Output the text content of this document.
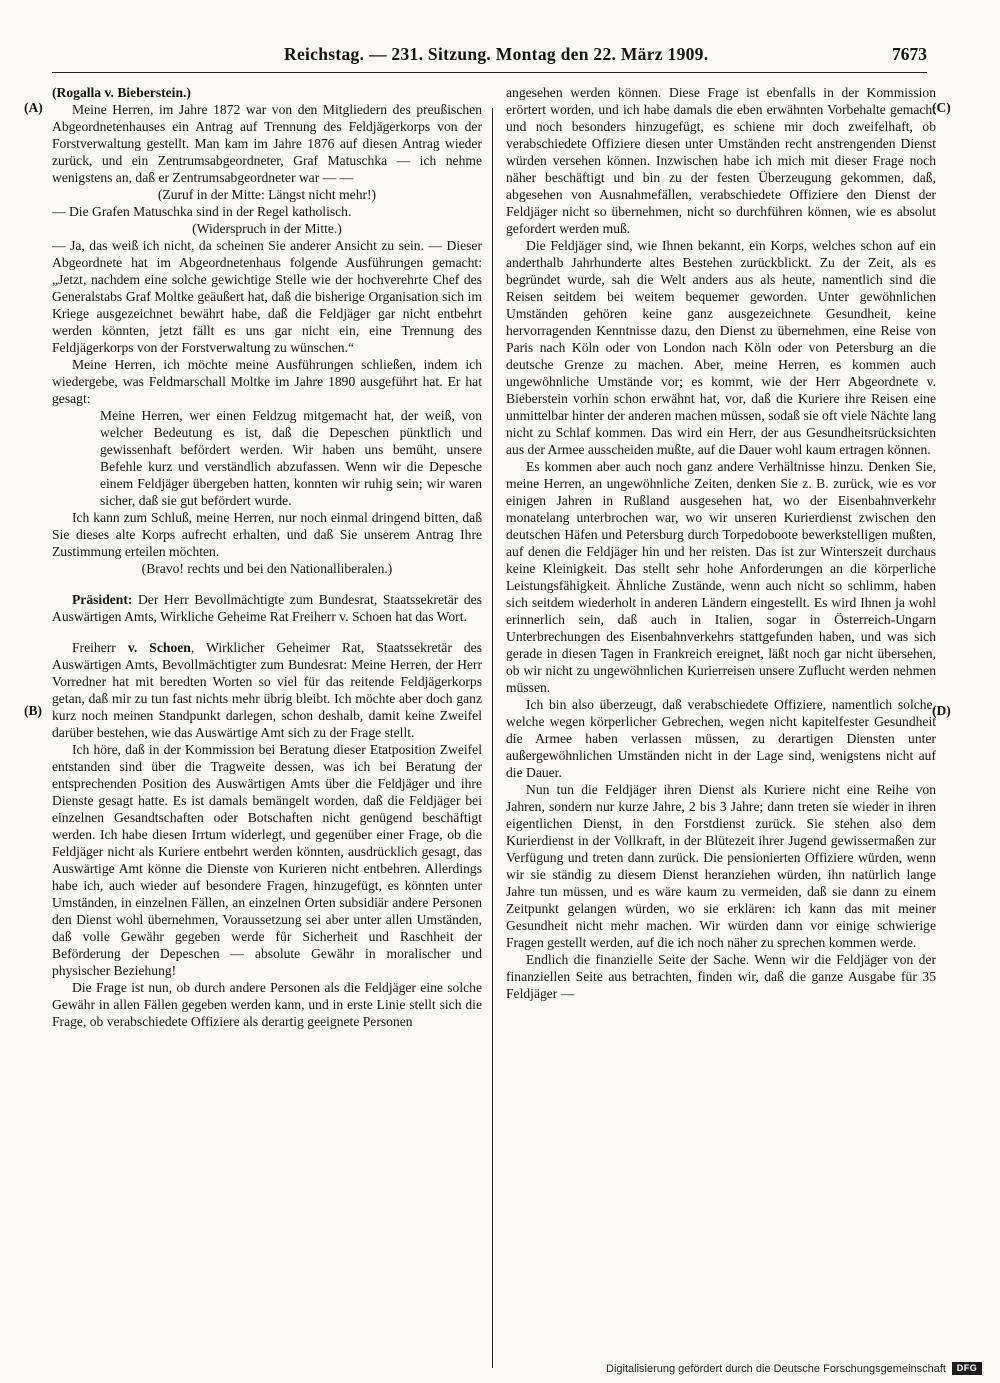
Reichstag. — 231. Sitzung. Montag den 22. März 1909.	7673

(Rogalla v. Bieberstein.)

Meine Herren, im Jahre 1872 war von den Mitgliedern des preußischen Abgeordnetenhauses ein Antrag auf Trennung des Feldjägerkorps von der Forstverwaltung gestellt. Man kam im Jahre 1876 auf diesen Antrag wieder zurück, und ein Zentrumsabgeordneter, Graf Matuschka — ich nehme wenigstens an, daß er Zentrumsabgeordneter war — —

(Zuruf in der Mitte: Längst nicht mehr!)

— Die Grafen Matuschka sind in der Regel katholisch.

(Widerspruch in der Mitte.)

— Ja, das weiß ich nicht, da scheinen Sie anderer Ansicht zu sein. — Dieser Abgeordnete hat im Abgeordnetenhaus folgende Ausführungen gemacht: „Jetzt, nachdem eine solche gewichtige Stelle wie der hochverehrte Chef des Generalstabs Graf Moltke geäußert hat, daß die bisherige Organisation sich im Kriege ausgezeichnet bewährt habe, daß die Feldjäger gar nicht entbehrt werden könnten, jetzt fällt es uns gar nicht ein, eine Trennung des Feldjägerkorps von der Forstverwaltung zu wünschen.“

Meine Herren, ich möchte meine Ausführungen schließen, indem ich wiedergebe, was Feldmarschall Moltke im Jahre 1890 ausgeführt hat. Er hat gesagt:

Meine Herren, wer einen Feldzug mitgemacht hat, der weiß, von welcher Bedeutung es ist, daß die Depeschen pünktlich und gewissenhaft befördert werden. Wir haben uns bemüht, unsere Befehle kurz und verständlich abzufassen. Wenn wir die Depesche einem Feldjäger übergeben hatten, konnten wir ruhig sein; wir waren sicher, daß sie gut befördert wurde.

Ich kann zum Schluß, meine Herren, nur noch einmal dringend bitten, daß Sie dieses alte Korps aufrecht erhalten, und daß Sie unserem Antrag Ihre Zustimmung erteilen möchten.

(Bravo! rechts und bei den Nationalliberalen.)

Präsident: Der Herr Bevollmächtigte zum Bundesrat, Staatssekretär des Auswärtigen Amts, Wirkliche Geheime Rat Freiherr v. Schoen hat das Wort.

Freiherr v. Schoen, Wirklicher Geheimer Rat, Staatssekretär des Auswärtigen Amts, Bevollmächtigter zum Bundesrat: Meine Herren, der Herr Vorredner hat mit beredten Worten so viel für das reitende Feldjägerkorps getan, daß mir zu tun fast nichts mehr übrig bleibt. Ich möchte aber doch ganz kurz noch meinen Standpunkt darlegen, schon deshalb, damit keine Zweifel darüber bestehen, wie das Auswärtige Amt sich zu der Frage stellt.

Ich höre, daß in der Kommission bei Beratung dieser Etatposition Zweifel entstanden sind über die Tragweite dessen, was ich bei Beratung der entsprechenden Position des Auswärtigen Amts über die Feldjäger und ihre Dienste gesagt hatte. Es ist damals bemängelt worden, daß die Feldjäger bei einzelnen Gesandtschaften oder Botschaften nicht genügend beschäftigt werden. Ich habe diesen Irrtum widerlegt, und gegenüber einer Frage, ob die Feldjäger nicht als Kuriere entbehrt werden könnten, ausdrücklich gesagt, das Auswärtige Amt könne die Dienste von Kurieren nicht entbehren. Allerdings habe ich, auch wieder auf besondere Fragen, hinzugefügt, es könnten unter Umständen, in einzelnen Fällen, an einzelnen Orten subsidiär andere Personen den Dienst wohl übernehmen, Voraussetzung sei aber unter allen Umständen, daß volle Gewähr gegeben werde für Sicherheit und Raschheit der Beförderung der Depeschen — absolute Gewähr in moralischer und physischer Beziehung!

Die Frage ist nun, ob durch andere Personen als die Feldjäger eine solche Gewähr in allen Fällen gegeben werden kann, und in erste Linie stellt sich die Frage, ob verabschiedete Offiziere als derartig geeignete Personen

angesehen werden können. Diese Frage ist ebenfalls in der Kommission erörtert worden, und ich habe damals die eben erwähnten Vorbehalte gemacht und noch besonders hinzugefügt, es schiene mir doch zweifelhaft, ob verabschiedete Offiziere diesen unter Umständen recht anstrengenden Dienst würden versehen können. Inzwischen habe ich mich mit dieser Frage noch näher beschäftigt und bin zu der festen Überzeugung gekommen, daß, abgesehen von Ausnahmefällen, verabschiedete Offiziere den Dienst der Feldjäger nicht so übernehmen, nicht so durchführen können, wie es absolut gefordert werden muß.

Die Feldjäger sind, wie Ihnen bekannt, ein Korps, welches schon auf ein anderthalb Jahrhunderte altes Bestehen zurückblickt. Zu der Zeit, als es begründet wurde, sah die Welt anders aus als heute, namentlich sind die Reisen seitdem bei weitem bequemer geworden. Unter gewöhnlichen Umständen gehören keine ganz ausgezeichnete Gesundheit, keine hervorragenden Kenntnisse dazu, den Dienst zu übernehmen, eine Reise von Paris nach Köln oder von London nach Köln oder von Petersburg an die deutsche Grenze zu machen. Aber, meine Herren, es kommen auch ungewöhnliche Umstände vor; es kommt, wie der Herr Abgeordnete v. Bieberstein vorhin schon erwähnt hat, vor, daß die Kuriere ihre Reisen eine unmittelbar hinter der anderen machen müssen, sodaß sie oft viele Nächte lang nicht zu Schlaf kommen. Das wird ein Herr, der aus Gesundheitsrücksichten aus der Armee ausscheiden mußte, auf die Dauer wohl kaum ertragen können.

Es kommen aber auch noch ganz andere Verhältnisse hinzu. Denken Sie, meine Herren, an ungewöhnliche Zeiten, denken Sie z. B. zurück, wie es vor einigen Jahren in Rußland ausgesehen hat, wo der Eisenbahnverkehr monatelang unterbrochen war, wo wir unseren Kurierdienst zwischen den deutschen Häfen und Petersburg durch Torpedoboote bewerkstelligen mußten, auf denen die Feldjäger hin und her reisten. Das ist zur Winterszeit durchaus keine Kleinigkeit. Das stellt sehr hohe Anforderungen an die körperliche Leistungsfähigkeit. Ähnliche Zustände, wenn auch nicht so schlimm, haben sich seitdem wiederholt in anderen Ländern eingestellt. Es wird Ihnen ja wohl erinnerlich sein, daß auch in Italien, sogar in Österreich-Ungarn Unterbrechungen des Eisenbahnverkehrs stattgefunden haben, und was sich gerade in diesen Tagen in Frankreich ereignet, läßt noch gar nicht übersehen, ob wir nicht zu ungewöhnlichen Kurierreisen unsere Zuflucht werden nehmen müssen.

Ich bin also überzeugt, daß verabschiedete Offiziere, namentlich solche, welche wegen körperlicher Gebrechen, wegen nicht kapitelfester Gesundheit die Armee haben verlassen müssen, zu derartigen Diensten unter außergewöhnlichen Umständen nicht in der Lage sind, wenigstens nicht auf die Dauer.

Nun tun die Feldjäger ihren Dienst als Kuriere nicht eine Reihe von Jahren, sondern nur kurze Jahre, 2 bis 3 Jahre; dann treten sie wieder in ihren eigentlichen Dienst, in den Forstdienst zurück. Sie stehen also dem Kurierdienst in der Vollkraft, in der Blütezeit ihrer Jugend gewissermaßen zur Verfügung und treten dann zurück. Die pensionierten Offiziere würden, wenn wir sie ständig zu diesem Dienst heranziehen würden, ihn natürlich lange Jahre tun müssen, und es wäre kaum zu vermeiden, daß sie dann zu einem Zeitpunkt gelangen würden, wo sie erklären: ich kann das mit meiner Gesundheit nicht mehr machen. Wir würden dann vor einige schwierige Fragen gestellt werden, auf die ich noch näher zu sprechen kommen werde.

Endlich die finanzielle Seite der Sache. Wenn wir die Feldjäger von der finanziellen Seite aus betrachten, finden wir, daß die ganze Ausgabe für 35 Feldjäger —

(A)
(B)
(C)
(D)
Digitalisierung gefördert durch die Deutsche Forschungsgemeinschaft	DFG
